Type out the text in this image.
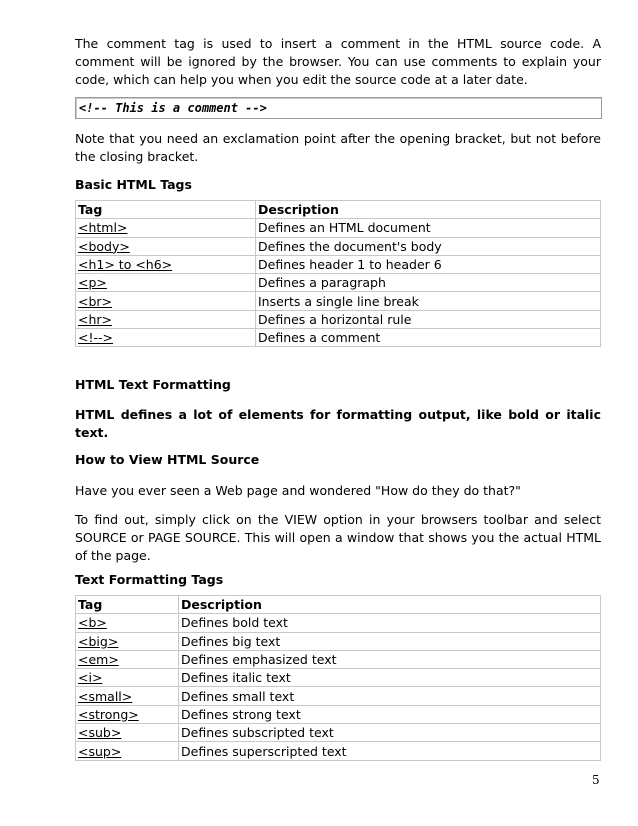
The comment tag is used to insert a comment in the HTML source code. A comment will be ignored by the browser. You can use comments to explain your code, which can help you when you edit the source code at a later date.

<!-- This is a comment -->

Note that you need an exclamation point after the opening bracket, but not before the closing bracket.

Basic HTML Tags
Tag	Description
<html>	Defines an HTML document
<body>	Defines the document's body
<h1> to <h6>	Defines header 1 to header 6
<p>	Defines a paragraph
<br>	Inserts a single line break
<hr>	Defines a horizontal rule
<!-->	Defines a comment
HTML Text Formatting

HTML defines a lot of elements for formatting output, like bold or italic text.

How to View HTML Source

Have you ever seen a Web page and wondered "How do they do that?"

To find out, simply click on the VIEW option in your browsers toolbar and select SOURCE or PAGE SOURCE. This will open a window that shows you the actual HTML of the page.

Text Formatting Tags
Tag	Description
<b>	Defines bold text
<big>	Defines big text
<em>	Defines emphasized text
<i>	Defines italic text
<small>	Defines small text
<strong>	Defines strong text
<sub>	Defines subscripted text
<sup>	Defines superscripted text
5
